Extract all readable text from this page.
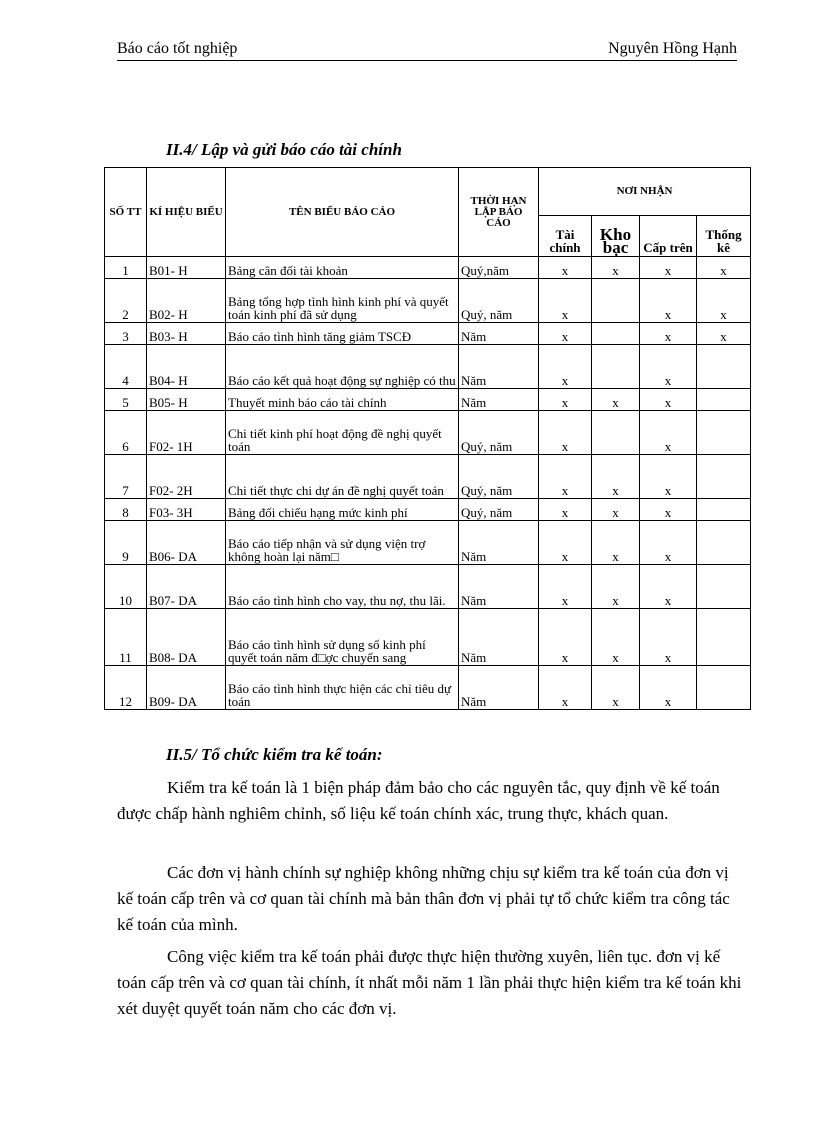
Báo cáo tốt nghiệp	Nguyên Hồng Hạnh
II.4/ Lập và gửi báo cáo tài chính
SỐ TT	KÍ HIỆU BIỂU	TÊN BIỂU BÁO CÁO	THỜI HẠN LẬP BÁO CÁO	NƠI NHẬN			
				Tài chính	Kho bạc	Cấp trên	Thống kê
1	B01- H	Bảng cân đối tài khoản	Quý,năm	x	x	x	x
2	B02- H	Bảng tổng hợp tình hình kinh phí và quyết toán kinh phí đã sử dụng	Quý, năm	x		x	x
3	B03- H	Báo cáo tình hình tăng giảm TSCĐ	Năm	x		x	x
4	B04- H	Báo cáo kết quả hoạt động sự nghiệp có thu	Năm	x		x	
5	B05- H	Thuyết minh báo cáo tài chính	Năm	x	x	x	
6	F02- 1H	Chi tiết kinh phí hoạt động đề nghị quyết toán	Quý, năm	x		x	
7	F02- 2H	Chi tiết thực chi dự án đề nghị quyết toán	Quý, năm	x	x	x	
8	F03- 3H	Bảng đối chiếu hạng mức kinh phí	Quý, năm	x	x	x	
9	B06- DA	Báo cáo tiếp nhận và sử dụng viện trợ không hoàn lại năm□	Năm	x	x	x	
10	B07- DA	Báo cáo tình hình cho vay, thu nợ, thu lãi.	Năm	x	x	x	
11	B08- DA	Báo cáo tình hình sử dụng số kinh phí quyết toán năm đ□ợc chuyển sang	Năm	x	x	x	
12	B09- DA	Báo cáo tình hình thực hiện các chỉ tiêu dự toán	Năm	x	x	x	
II.5/ Tổ chức kiểm tra kế toán:

Kiểm tra kế toán là 1 biện pháp đảm bảo cho các nguyên tắc, quy định về kế toán được chấp hành nghiêm chỉnh, số liệu kế toán chính xác, trung thực, khách quan.

Các đơn vị hành chính sự nghiệp không những chịu sự kiểm tra kế toán của đơn vị kế toán cấp trên và cơ quan tài chính mà bản thân đơn vị phải tự tổ chức kiểm tra công tác kế toán của mình.

Công việc kiểm tra kế toán phải được thực hiện thường xuyên, liên tục. đơn vị kế toán cấp trên và cơ quan tài chính, ít nhất mỗi năm 1 lần phải thực hiện kiểm tra kế toán khi xét duyệt quyết toán năm cho các đơn vị.
